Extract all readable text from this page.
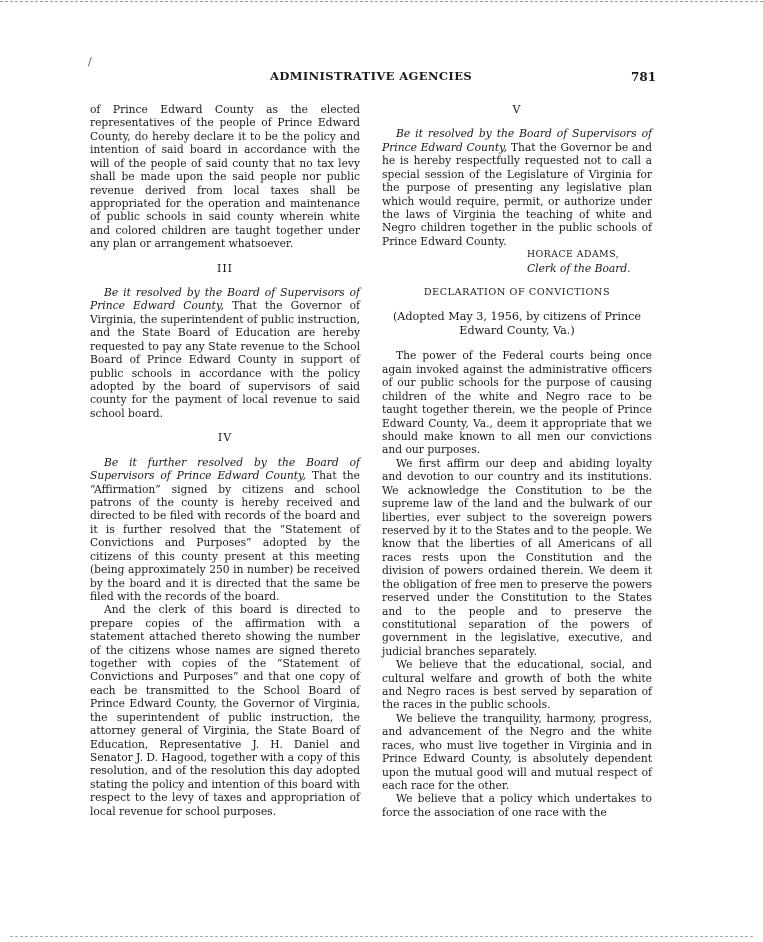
/
ADMINISTRATIVE AGENCIES	781

of Prince Edward County as the elected representatives of the people of Prince Edward County, do hereby declare it to be the policy and intention of said board in accordance with the will of the people of said county that no tax levy shall be made upon the said people nor public revenue derived from local taxes shall be appropriated for the operation and maintenance of public schools in said county wherein white and colored children are taught together under any plan or arrangement whatsoever.

III

Be it resolved by the Board of Supervisors of Prince Edward County, That the Governor of Virginia, the superintendent of public instruction, and the State Board of Education are hereby requested to pay any State revenue to the School Board of Prince Edward County in support of public schools in accordance with the policy adopted by the board of supervisors of said county for the payment of local revenue to said school board.

IV

Be it further resolved by the Board of Supervisors of Prince Edward County, That the “Affirmation” signed by citizens and school patrons of the county is hereby received and directed to be filed with records of the board and it is further resolved that the “Statement of Convictions and Purposes” adopted by the citizens of this county present at this meeting (being approximately 250 in number) be received by the board and it is directed that the same be filed with the records of the board.

And the clerk of this board is directed to prepare copies of the affirmation with a statement attached thereto showing the number of the citizens whose names are signed thereto together with copies of the “Statement of Convictions and Purposes” and that one copy of each be transmitted to the School Board of Prince Edward County, the Governor of Virginia, the superintendent of public instruction, the attorney general of Virginia, the State Board of Education, Representative J. H. Daniel and Senator J. D. Hagood, together with a copy of this resolution, and of the resolution this day adopted stating the policy and intention of this board with respect to the levy of taxes and appropriation of local revenue for school purposes.

V

Be it resolved by the Board of Supervisors of Prince Edward County, That the Governor be and he is hereby respectfully requested not to call a special session of the Legislature of Virginia for the purpose of presenting any legislative plan which would require, permit, or authorize under the laws of Virginia the teaching of white and Negro children together in the public schools of Prince Edward County.

HORACE ADAMS,

Clerk of the Board.

DECLARATION OF CONVICTIONS

(Adopted May 3, 1956, by citizens of Prince Edward County, Va.)

The power of the Federal courts being once again invoked against the administrative officers of our public schools for the purpose of causing children of the white and Negro race to be taught together therein, we the people of Prince Edward County, Va., deem it appropriate that we should make known to all men our convictions and our purposes.

We first affirm our deep and abiding loyalty and devotion to our country and its institutions. We acknowledge the Constitution to be the supreme law of the land and the bulwark of our liberties, ever subject to the sovereign powers reserved by it to the States and to the people. We know that the liberties of all Americans of all races rests upon the Constitution and the division of powers ordained therein. We deem it the obligation of free men to preserve the powers reserved under the Constitution to the States and to the people and to preserve the constitutional separation of the powers of government in the legislative, executive, and judicial branches separately.

We believe that the educational, social, and cultural welfare and growth of both the white and Negro races is best served by separation of the races in the public schools.

We believe the tranquility, harmony, progress, and advancement of the Negro and the white races, who must live together in Virginia and in Prince Edward County, is absolutely dependent upon the mutual good will and mutual respect of each race for the other.

We believe that a policy which undertakes to force the association of one race with the
